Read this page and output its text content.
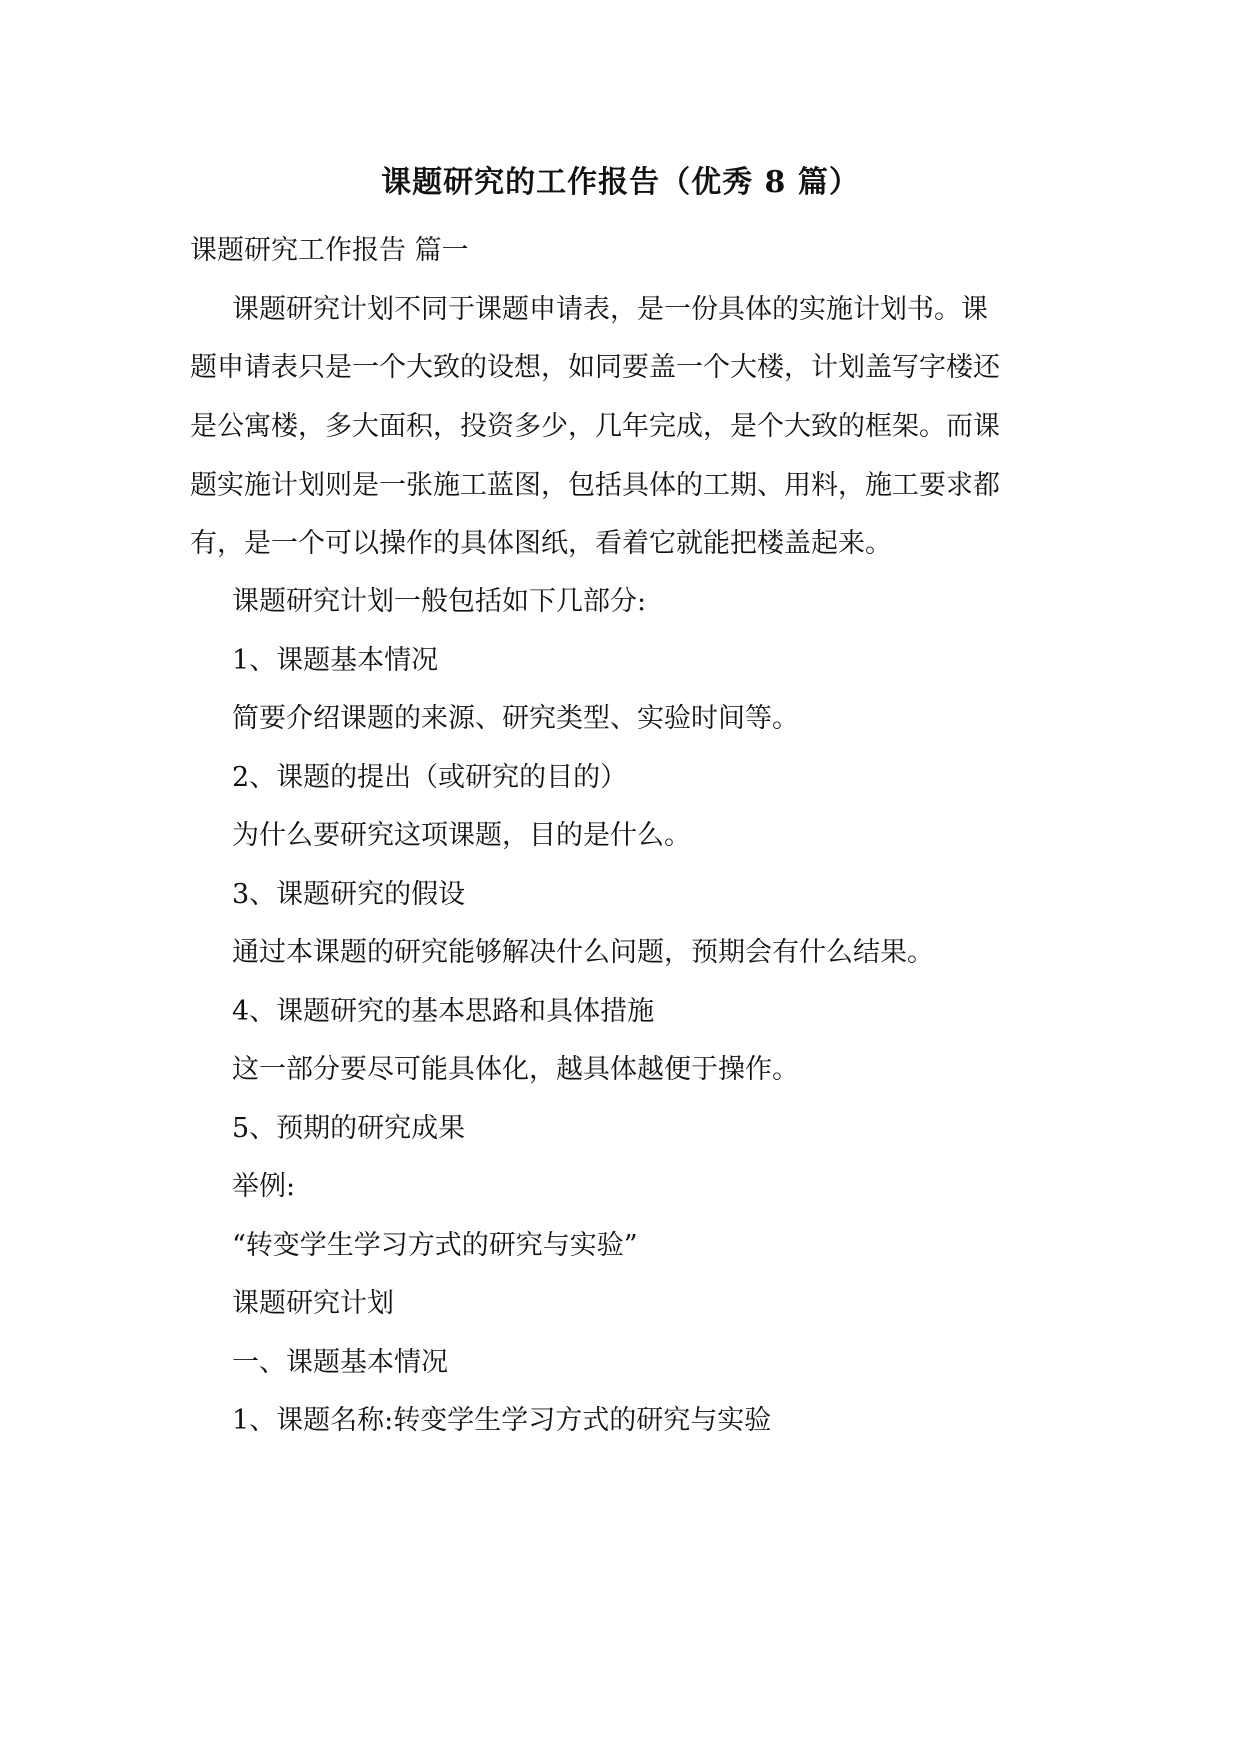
课题研究的工作报告（优秀 8 篇）
课题研究工作报告 篇一
课题研究计划不同于课题申请表，是一份具体的实施计划书。课
题申请表只是一个大致的设想，如同要盖一个大楼，计划盖写字楼还
是公寓楼，多大面积，投资多少，几年完成，是个大致的框架。而课
题实施计划则是一张施工蓝图，包括具体的工期、用料，施工要求都
有，是一个可以操作的具体图纸，看着它就能把楼盖起来。
课题研究计划一般包括如下几部分:
1、课题基本情况
简要介绍课题的来源、研究类型、实验时间等。
2、课题的提出（或研究的目的）
为什么要研究这项课题，目的是什么。
3、课题研究的假设
通过本课题的研究能够解决什么问题，预期会有什么结果。
4、课题研究的基本思路和具体措施
这一部分要尽可能具体化，越具体越便于操作。
5、预期的研究成果
举例:
“转变学生学习方式的研究与实验”
课题研究计划
一、课题基本情况
1、课题名称:转变学生学习方式的研究与实验
